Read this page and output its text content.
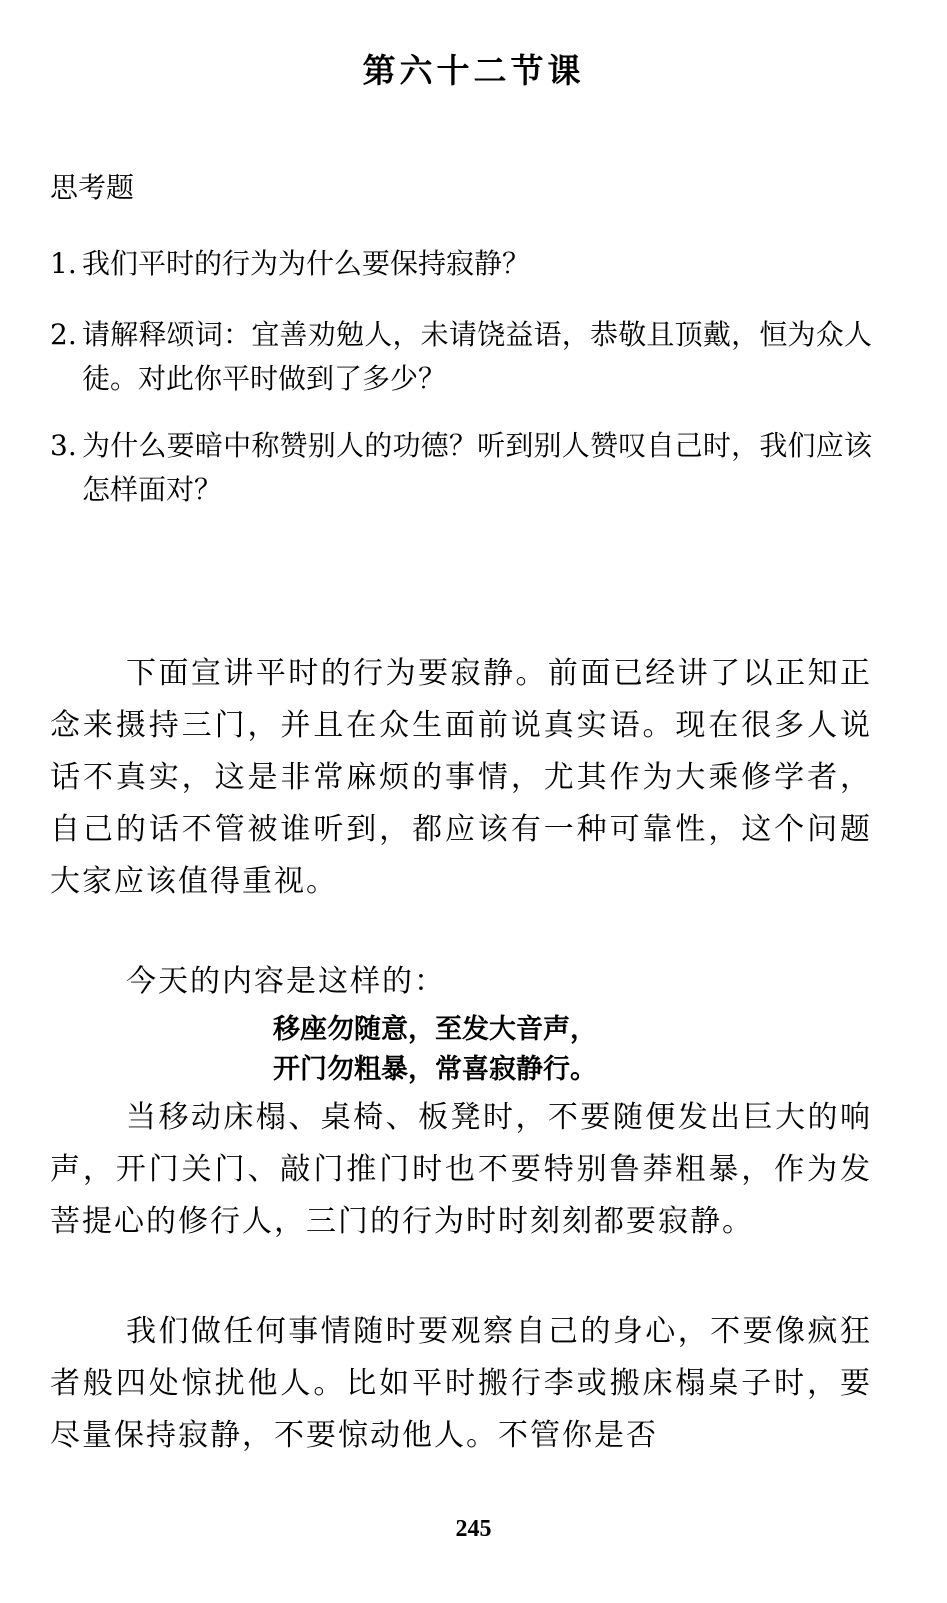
第六十二节课
思考题
1. 我们平时的行为为什么要保持寂静？
2. 请解释颂词：宜善劝勉人，未请饶益语，恭敬且顶戴，恒为众人徒。对此你平时做到了多少？
3. 为什么要暗中称赞别人的功德？听到别人赞叹自己时，我们应该怎样面对？
下面宣讲平时的行为要寂静。前面已经讲了以正知正念来摄持三门，并且在众生面前说真实语。现在很多人说话不真实，这是非常麻烦的事情，尤其作为大乘修学者，自己的话不管被谁听到，都应该有一种可靠性，这个问题大家应该值得重视。
今天的内容是这样的：
移座勿随意，至发大音声，
开门勿粗暴，常喜寂静行。
当移动床榻、桌椅、板凳时，不要随便发出巨大的响声，开门关门、敲门推门时也不要特别鲁莽粗暴，作为发菩提心的修行人，三门的行为时时刻刻都要寂静。
我们做任何事情随时要观察自己的身心，不要像疯狂者般四处惊扰他人。比如平时搬行李或搬床榻桌子时，要尽量保持寂静，不要惊动他人。不管你是否
245
